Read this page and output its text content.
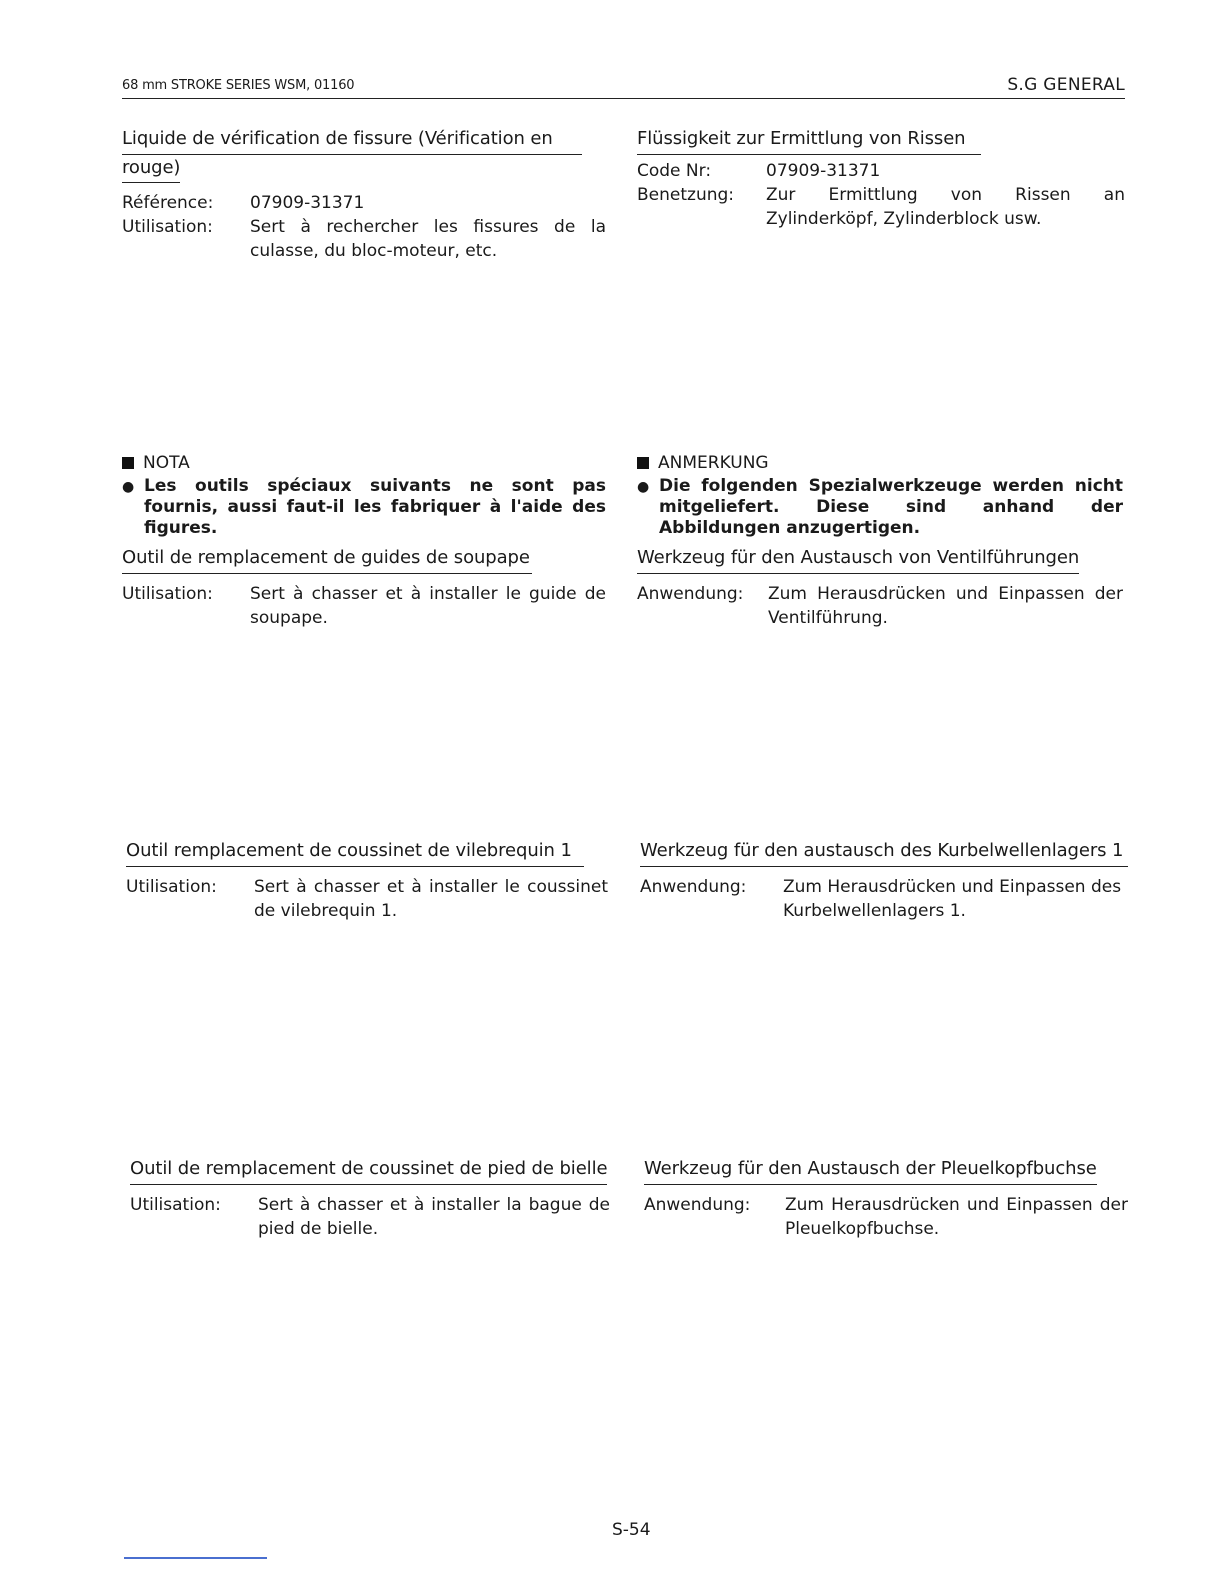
68 mm STROKE SERIES WSM, 01160	S.G GENERAL
Liquide de vérification de fissure (Vérification en
rouge)
Référence:	07909-31371
Utilisation:	Sert à rechercher les fissures de la culasse, du bloc-moteur, etc.
Flüssigkeit zur Ermittlung von Rissen
Code Nr:	07909-31371
Benetzung:	Zur Ermittlung von Rissen an Zylinderköpf, Zylinderblock usw.
NOTA
● Les outils spéciaux suivants ne sont pas fournis, aussi faut-il les fabriquer à l'aide des figures.
Outil de remplacement de guides de soupape
Utilisation:	Sert à chasser et à installer le guide de soupape.
ANMERKUNG
● Die folgenden Spezialwerkzeuge werden nicht mitgeliefert. Diese sind anhand der Abbildungen anzugertigen.
Werkzeug für den Austausch von Ventilführungen
Anwendung:	Zum Herausdrücken und Einpassen der Ventilführung.
Outil remplacement de coussinet de vilebrequin 1
Utilisation:	Sert à chasser et à installer le coussinet de vilebrequin 1.
Werkzeug für den austausch des Kurbelwellenlagers 1
Anwendung:	Zum Herausdrücken und Einpassen des Kurbelwellenlagers 1.
Outil de remplacement de coussinet de pied de bielle
Utilisation:	Sert à chasser et à installer la bague de pied de bielle.
Werkzeug für den Austausch der Pleuelkopfbuchse
Anwendung:	Zum Herausdrücken und Einpassen der Pleuelkopfbuchse.
S-54
